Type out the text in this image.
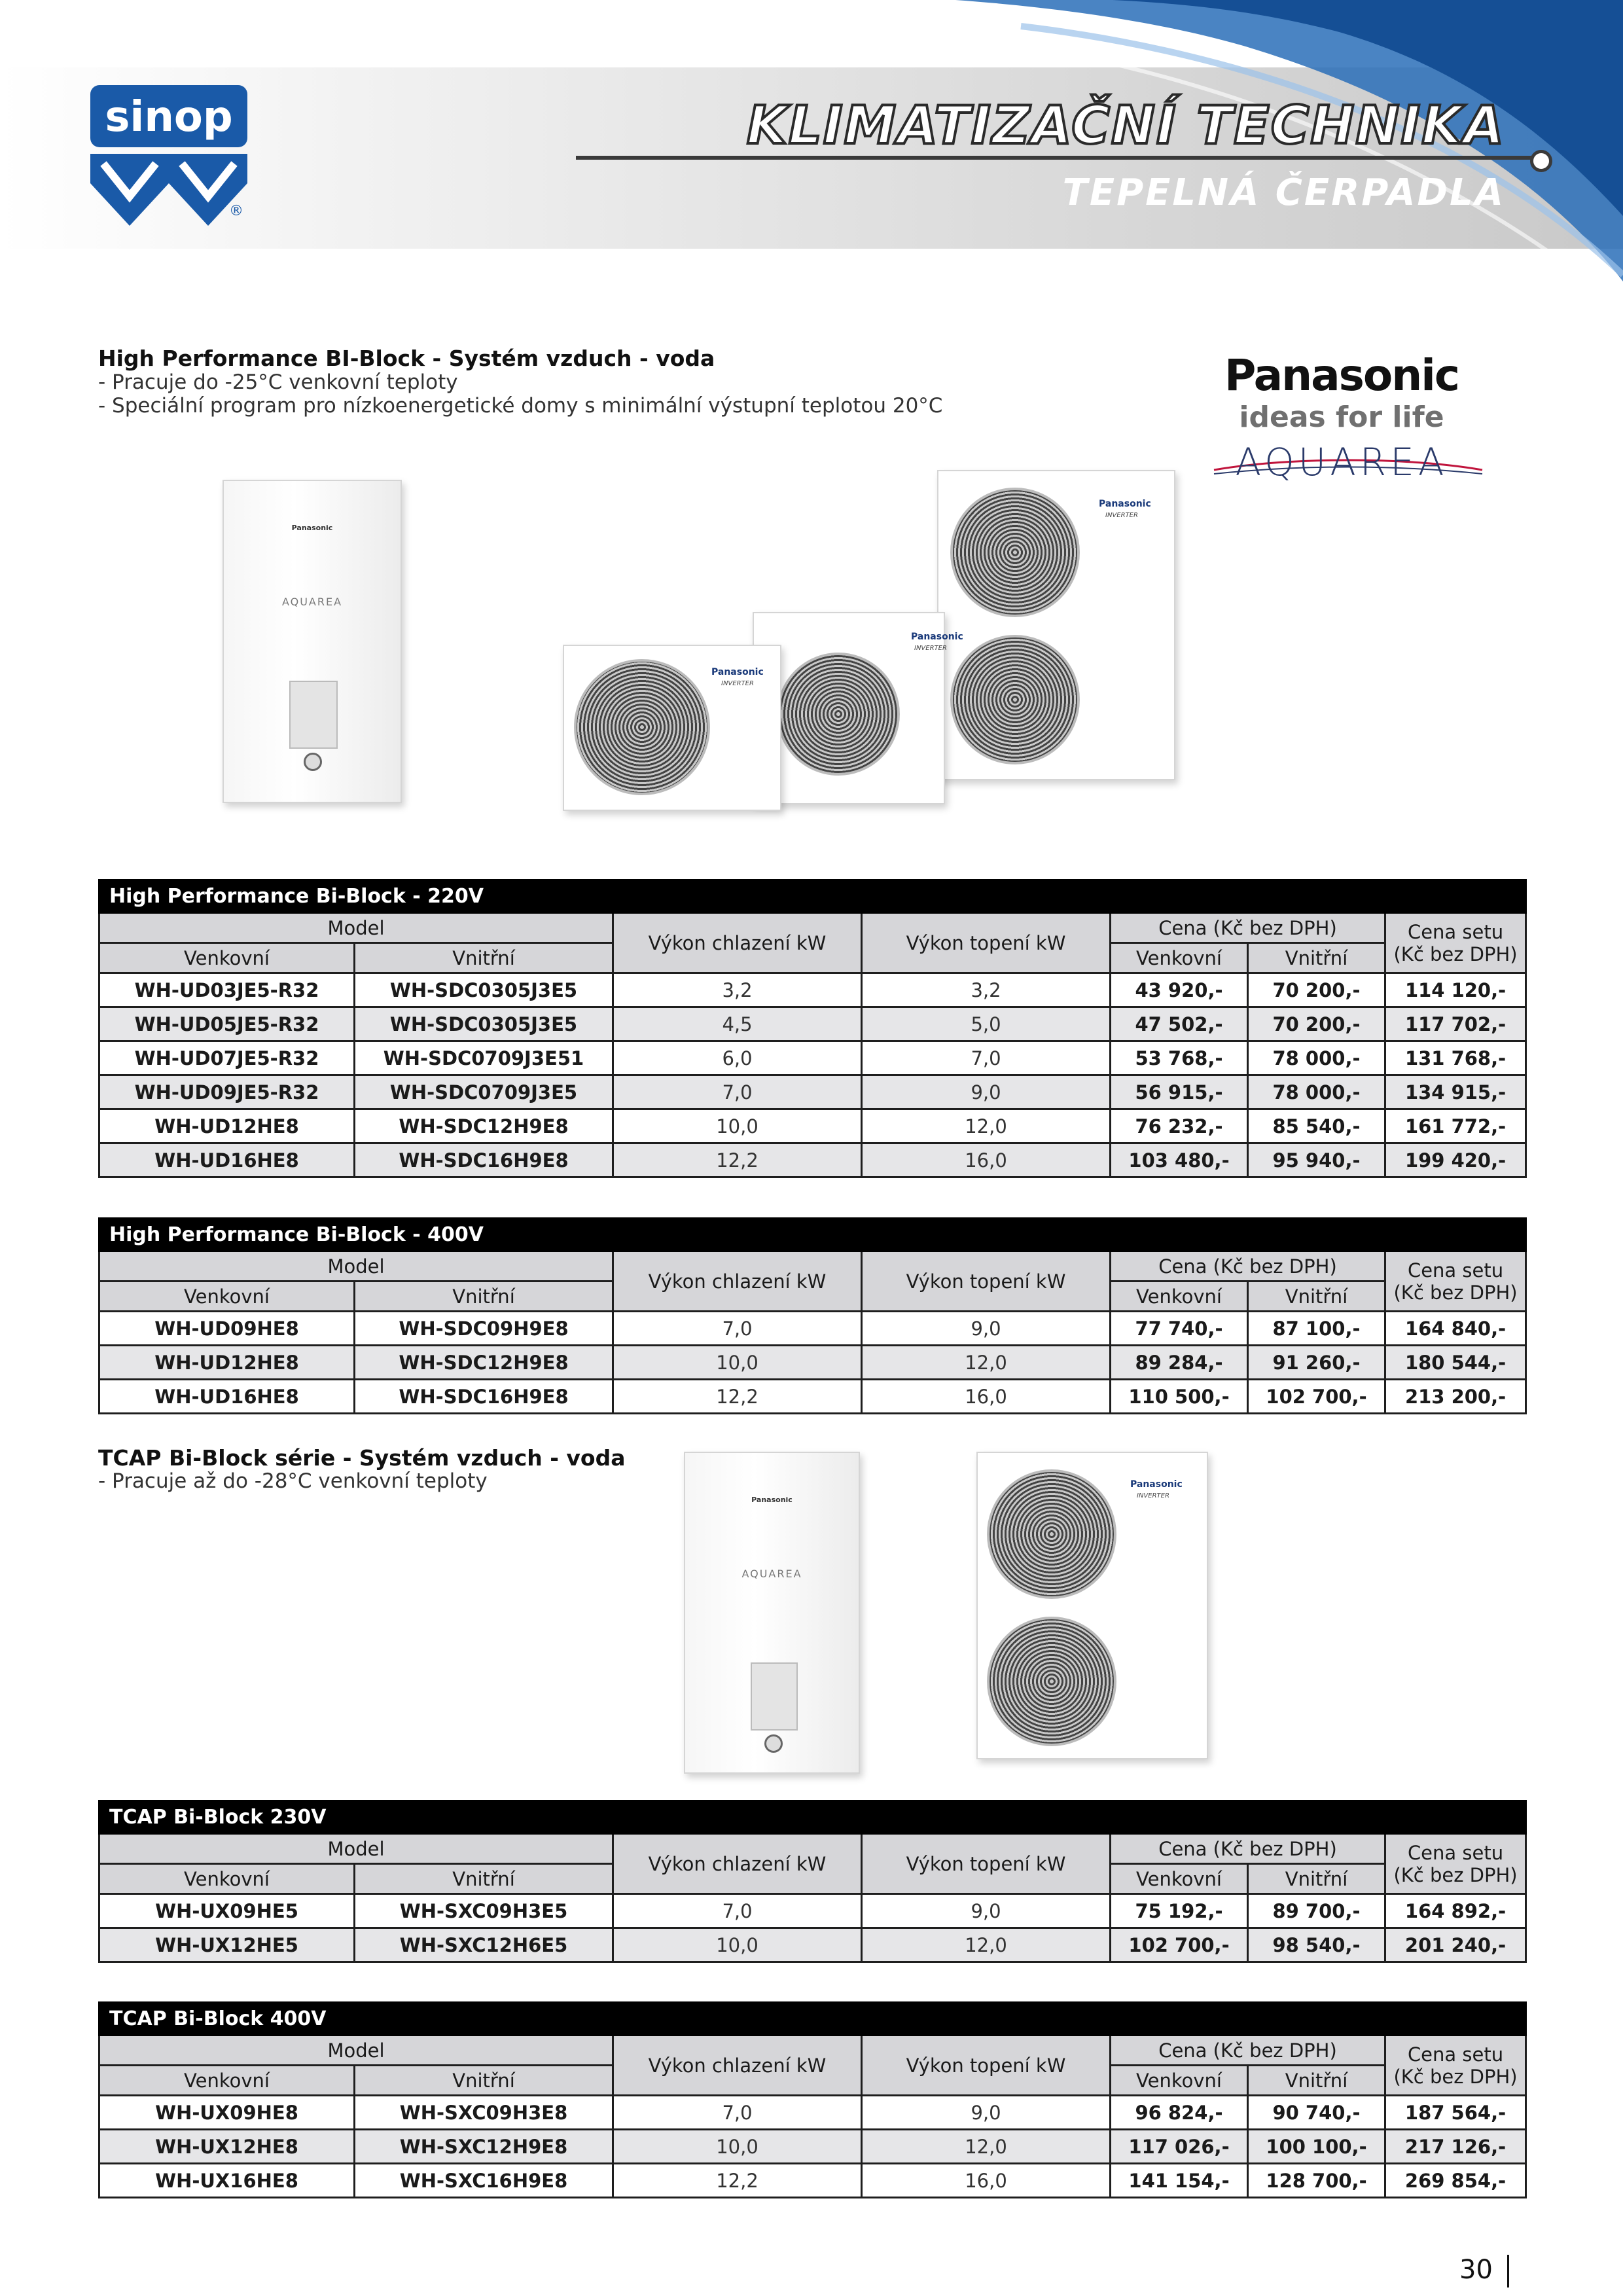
KLIMATIZAČNÍ TECHNIKA
TEPELNÁ ČERPADLA
sinop
®
High Performance BI-Block - Systém vzduch - voda
- Pracuje do -25°C venkovní teploty
- Speciální program pro nízkoenergetické domy s minimální výstupní teplotou 20°C
Panasonic
ideas for life
AQUAREA
Panasonic
AQUAREA
Panasonic
INVERTER
Panasonic
INVERTER
Panasonic
INVERTER
High Performance Bi-Block - 220V						
Model		Výkon chlazení kW	Výkon topení kW	Cena (Kč bez DPH)		Cena setu
(Kč bez DPH)
Venkovní	Vnitřní			Venkovní	Vnitřní	
WH-UD03JE5-R32	WH-SDC0305J3E5	3,2	3,2	43 920,-	70 200,-	114 120,-
WH-UD05JE5-R32	WH-SDC0305J3E5	4,5	5,0	47 502,-	70 200,-	117 702,-
WH-UD07JE5-R32	WH-SDC0709J3E51	6,0	7,0	53 768,-	78 000,-	131 768,-
WH-UD09JE5-R32	WH-SDC0709J3E5	7,0	9,0	56 915,-	78 000,-	134 915,-
WH-UD12HE8	WH-SDC12H9E8	10,0	12,0	76 232,-	85 540,-	161 772,-
WH-UD16HE8	WH-SDC16H9E8	12,2	16,0	103 480,-	95 940,-	199 420,-
High Performance Bi-Block - 400V						
Model		Výkon chlazení kW	Výkon topení kW	Cena (Kč bez DPH)		Cena setu
(Kč bez DPH)
Venkovní	Vnitřní			Venkovní	Vnitřní	
WH-UD09HE8	WH-SDC09H9E8	7,0	9,0	77 740,-	87 100,-	164 840,-
WH-UD12HE8	WH-SDC12H9E8	10,0	12,0	89 284,-	91 260,-	180 544,-
WH-UD16HE8	WH-SDC16H9E8	12,2	16,0	110 500,-	102 700,-	213 200,-
TCAP Bi-Block série - Systém vzduch - voda
- Pracuje až do -28°C venkovní teploty
Panasonic
AQUAREA
Panasonic
INVERTER
TCAP Bi-Block 230V						
Model		Výkon chlazení kW	Výkon topení kW	Cena (Kč bez DPH)		Cena setu
(Kč bez DPH)
Venkovní	Vnitřní			Venkovní	Vnitřní	
WH-UX09HE5	WH-SXC09H3E5	7,0	9,0	75 192,-	89 700,-	164 892,-
WH-UX12HE5	WH-SXC12H6E5	10,0	12,0	102 700,-	98 540,-	201 240,-
TCAP Bi-Block 400V						
Model		Výkon chlazení kW	Výkon topení kW	Cena (Kč bez DPH)		Cena setu
(Kč bez DPH)
Venkovní	Vnitřní			Venkovní	Vnitřní	
WH-UX09HE8	WH-SXC09H3E8	7,0	9,0	96 824,-	90 740,-	187 564,-
WH-UX12HE8	WH-SXC12H9E8	10,0	12,0	117 026,-	100 100,-	217 126,-
WH-UX16HE8	WH-SXC16H9E8	12,2	16,0	141 154,-	128 700,-	269 854,-
30
